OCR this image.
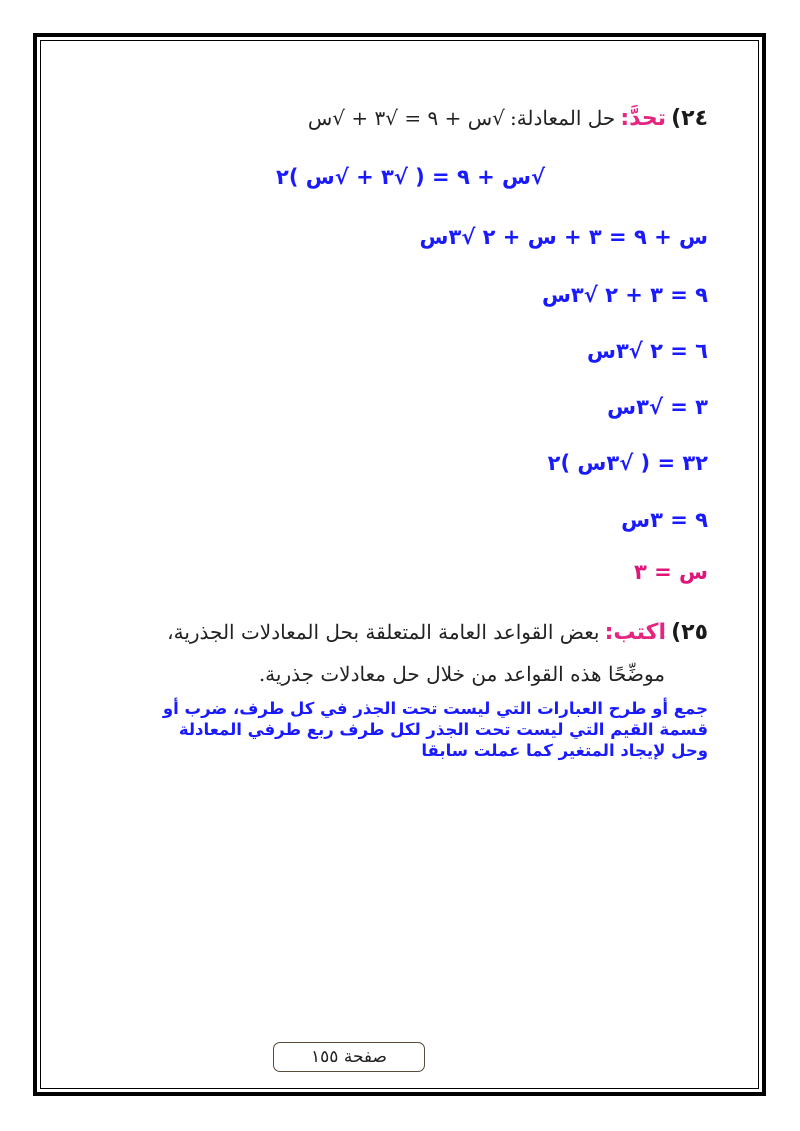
٢٤) تحدَّ: حل المعادلة: √س + ٩ = √٣ + √س
√س + ٩ = ( √٣ + √س )٢
س + ٩ = ٣ + س + ٢ √٣س
٩ = ٣ + ٢ √٣س
٦ = ٢ √٣س
٣ = √٣س
٣٢ = ( √٣س )٢
٩ = ٣س
س = ٣
٢٥) اكتب: بعض القواعد العامة المتعلقة بحل المعادلات الجذرية،
موضِّحًا هذه القواعد من خلال حل معادلات جذرية.
جمع أو طرح العبارات التي ليست تحت الجذر في كل طرف، ضرب أو قسمة القيم التي ليست تحت الجذر لكل طرف ربع طرفي المعادلة وحل لإيجاد المتغير كما عملت سابقا
صفحة ١٥٥
